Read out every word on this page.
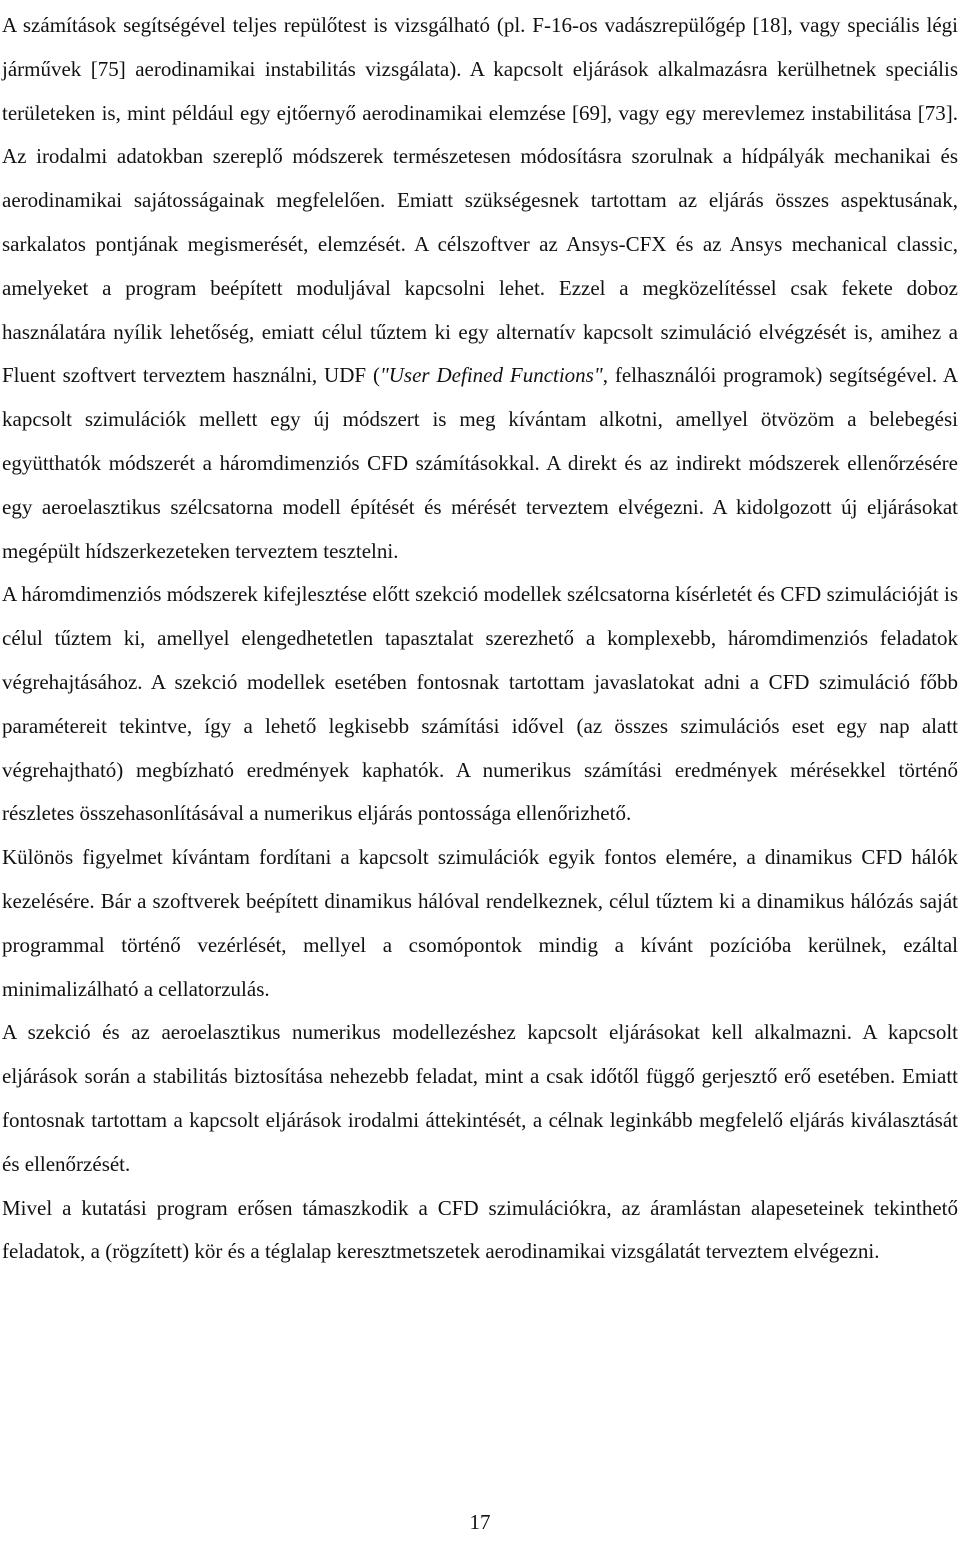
A számítások segítségével teljes repülőtest is vizsgálható (pl. F-16-os vadászrepülőgép [18], vagy speciális légi járművek [75] aerodinamikai instabilitás vizsgálata). A kapcsolt eljárások alkalmazásra kerülhetnek speciális területeken is, mint például egy ejtőernyő aerodinamikai elemzése [69], vagy egy merevlemez instabilitása [73]. Az irodalmi adatokban szereplő módszerek természetesen módosításra szorulnak a hídpályák mechanikai és aerodinamikai sajátosságainak megfelelően. Emiatt szükségesnek tartottam az eljárás összes aspektusának, sarkalatos pontjának megismerését, elemzését. A célszoftver az Ansys-CFX és az Ansys mechanical classic, amelyeket a program beépített moduljával kapcsolni lehet. Ezzel a megközelítéssel csak fekete doboz használatára nyílik lehetőség, emiatt célul tűztem ki egy alternatív kapcsolt szimuláció elvégzését is, amihez a Fluent szoftvert terveztem használni, UDF ("User Defined Functions", felhasználói programok) segítségével. A kapcsolt szimulációk mellett egy új módszert is meg kívántam alkotni, amellyel ötvözöm a belebegési együtthatók módszerét a háromdimenziós CFD számításokkal. A direkt és az indirekt módszerek ellenőrzésére egy aeroelasztikus szélcsatorna modell építését és mérését terveztem elvégezni. A kidolgozott új eljárásokat megépült hídszerkezeteken terveztem tesztelni.

A háromdimenziós módszerek kifejlesztése előtt szekció modellek szélcsatorna kísérletét és CFD szimulációját is célul tűztem ki, amellyel elengedhetetlen tapasztalat szerezhető a komplexebb, háromdimenziós feladatok végrehajtásához. A szekció modellek esetében fontosnak tartottam javaslatokat adni a CFD szimuláció főbb paramétereit tekintve, így a lehető legkisebb számítási idővel (az összes szimulációs eset egy nap alatt végrehajtható) megbízható eredmények kaphatók. A numerikus számítási eredmények mérésekkel történő részletes összehasonlításával a numerikus eljárás pontossága ellenőrizhető.

Különös figyelmet kívántam fordítani a kapcsolt szimulációk egyik fontos elemére, a dinamikus CFD hálók kezelésére. Bár a szoftverek beépített dinamikus hálóval rendelkeznek, célul tűztem ki a dinamikus hálózás saját programmal történő vezérlését, mellyel a csomópontok mindig a kívánt pozícióba kerülnek, ezáltal minimalizálható a cellatorzulás.

A szekció és az aeroelasztikus numerikus modellezéshez kapcsolt eljárásokat kell alkalmazni. A kapcsolt eljárások során a stabilitás biztosítása nehezebb feladat, mint a csak időtől függő gerjesztő erő esetében. Emiatt fontosnak tartottam a kapcsolt eljárások irodalmi áttekintését, a célnak leginkább megfelelő eljárás kiválasztását és ellenőrzését.

Mivel a kutatási program erősen támaszkodik a CFD szimulációkra, az áramlástan alapeseteinek tekinthető feladatok, a (rögzített) kör és a téglalap keresztmetszetek aerodinamikai vizsgálatát terveztem elvégezni.

17
